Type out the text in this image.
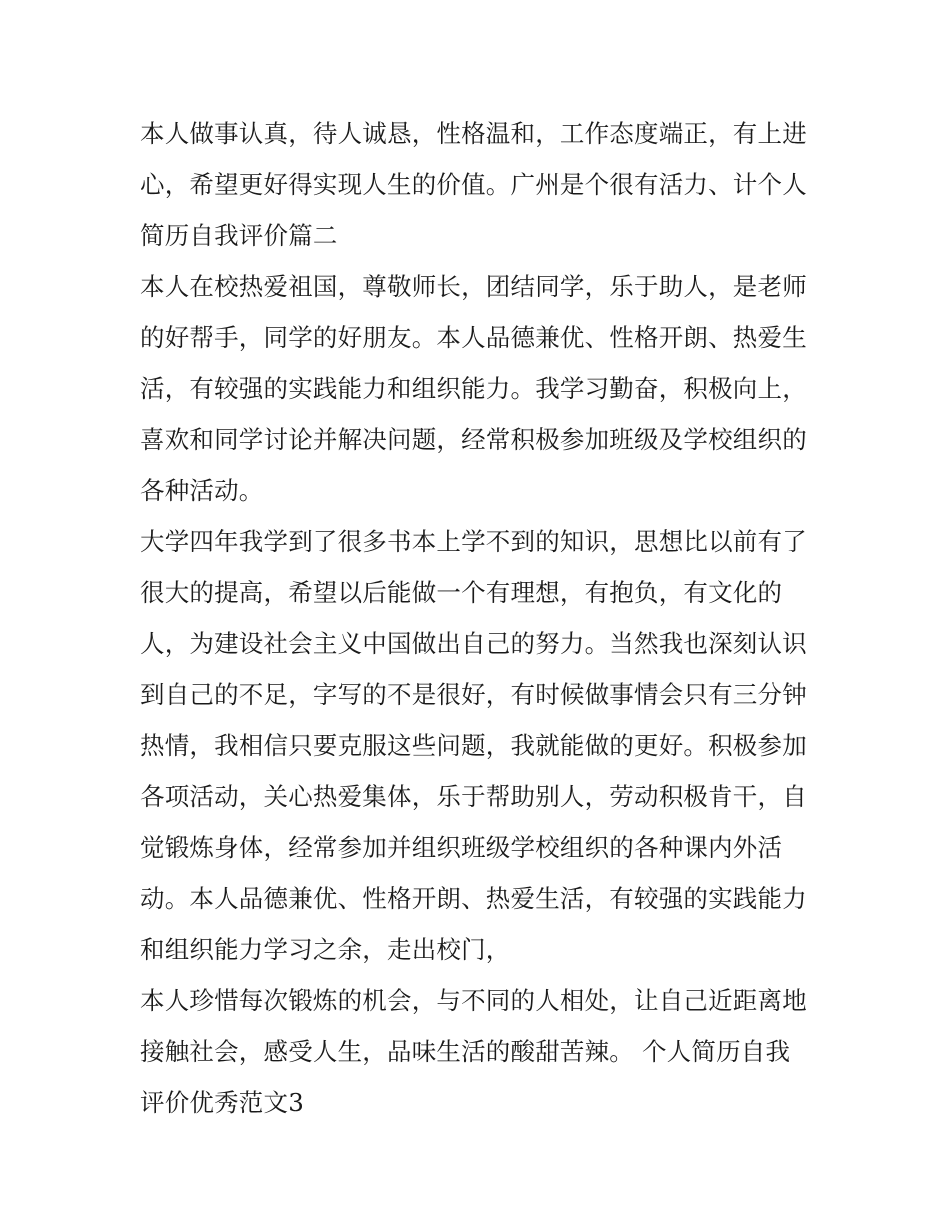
本人做事认真，待人诚恳，性格温和，工作态度端正，有上进
心，希望更好得实现人生的价值。广州是个很有活力、计个人
简历自我评价篇二
本人在校热爱祖国，尊敬师长，团结同学，乐于助人，是老师
的好帮手，同学的好朋友。本人品德兼优、性格开朗、热爱生
活，有较强的实践能力和组织能力。我学习勤奋，积极向上，
喜欢和同学讨论并解决问题，经常积极参加班级及学校组织的
各种活动。
大学四年我学到了很多书本上学不到的知识，思想比以前有了
很大的提高，希望以后能做一个有理想，有抱负，有文化的
人，为建设社会主义中国做出自己的努力。当然我也深刻认识
到自己的不足，字写的不是很好，有时候做事情会只有三分钟
热情，我相信只要克服这些问题，我就能做的更好。积极参加
各项活动，关心热爱集体，乐于帮助别人，劳动积极肯干，自
觉锻炼身体，经常参加并组织班级学校组织的各种课内外活
动。本人品德兼优、性格开朗、热爱生活，有较强的实践能力
和组织能力学习之余，走出校门，
本人珍惜每次锻炼的机会，与不同的人相处，让自己近距离地
接触社会，感受人生，品味生活的酸甜苦辣。 个人简历自我
评价优秀范文3
